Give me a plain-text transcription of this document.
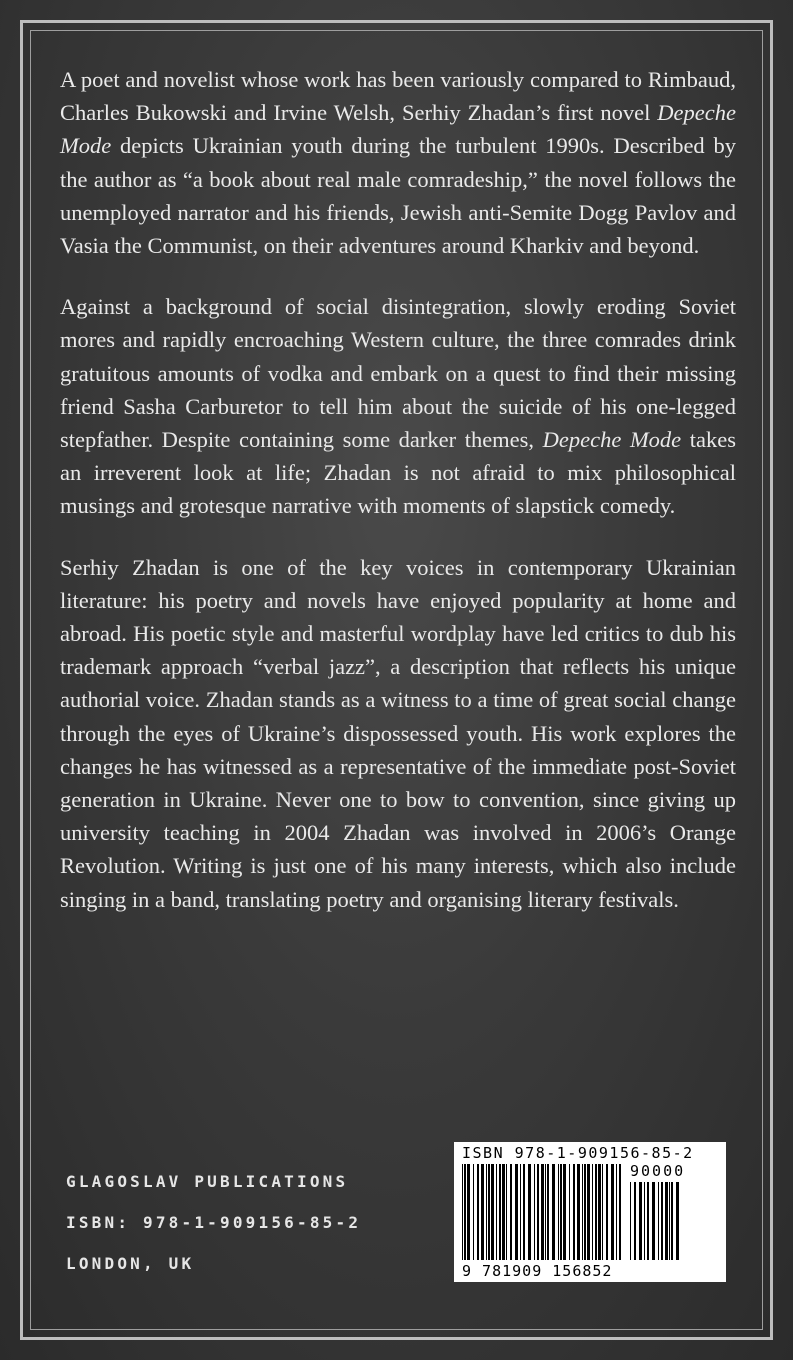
A poet and novelist whose work has been variously compared to Rimbaud, Charles Bukowski and Irvine Welsh, Serhiy Zhadan’s first novel Depeche Mode depicts Ukrainian youth during the turbulent 1990s. Described by the author as “a book about real male comradeship,” the novel follows the unemployed narrator and his friends, Jewish anti-Semite Dogg Pavlov and Vasia the Communist, on their adventures around Kharkiv and beyond.

Against a background of social disintegration, slowly eroding Soviet mores and rapidly encroaching Western culture, the three comrades drink gratuitous amounts of vodka and embark on a quest to find their missing friend Sasha Carburetor to tell him about the suicide of his one-legged stepfather. Despite containing some darker themes, Depeche Mode takes an irreverent look at life; Zhadan is not afraid to mix philosophical musings and grotesque narrative with moments of slapstick comedy.

Serhiy Zhadan is one of the key voices in contemporary Ukrainian literature: his poetry and novels have enjoyed popularity at home and abroad. His poetic style and masterful wordplay have led critics to dub his trademark approach “verbal jazz”, a description that reflects his unique authorial voice. Zhadan stands as a witness to a time of great social change through the eyes of Ukraine’s dispossessed youth. His work explores the changes he has witnessed as a representative of the immediate post-Soviet generation in Ukraine. Never one to bow to convention, since giving up university teaching in 2004 Zhadan was involved in 2006’s Orange Revolution. Writing is just one of his many interests, which also include singing in a band, translating poetry and organising literary festivals.

GLAGOSLAV PUBLICATIONS
ISBN: 978-1-909156-85-2
LONDON, UK
ISBN 978-1-909156-85-2
90000
9 781909 156852
GLAGOSLAV.COM
